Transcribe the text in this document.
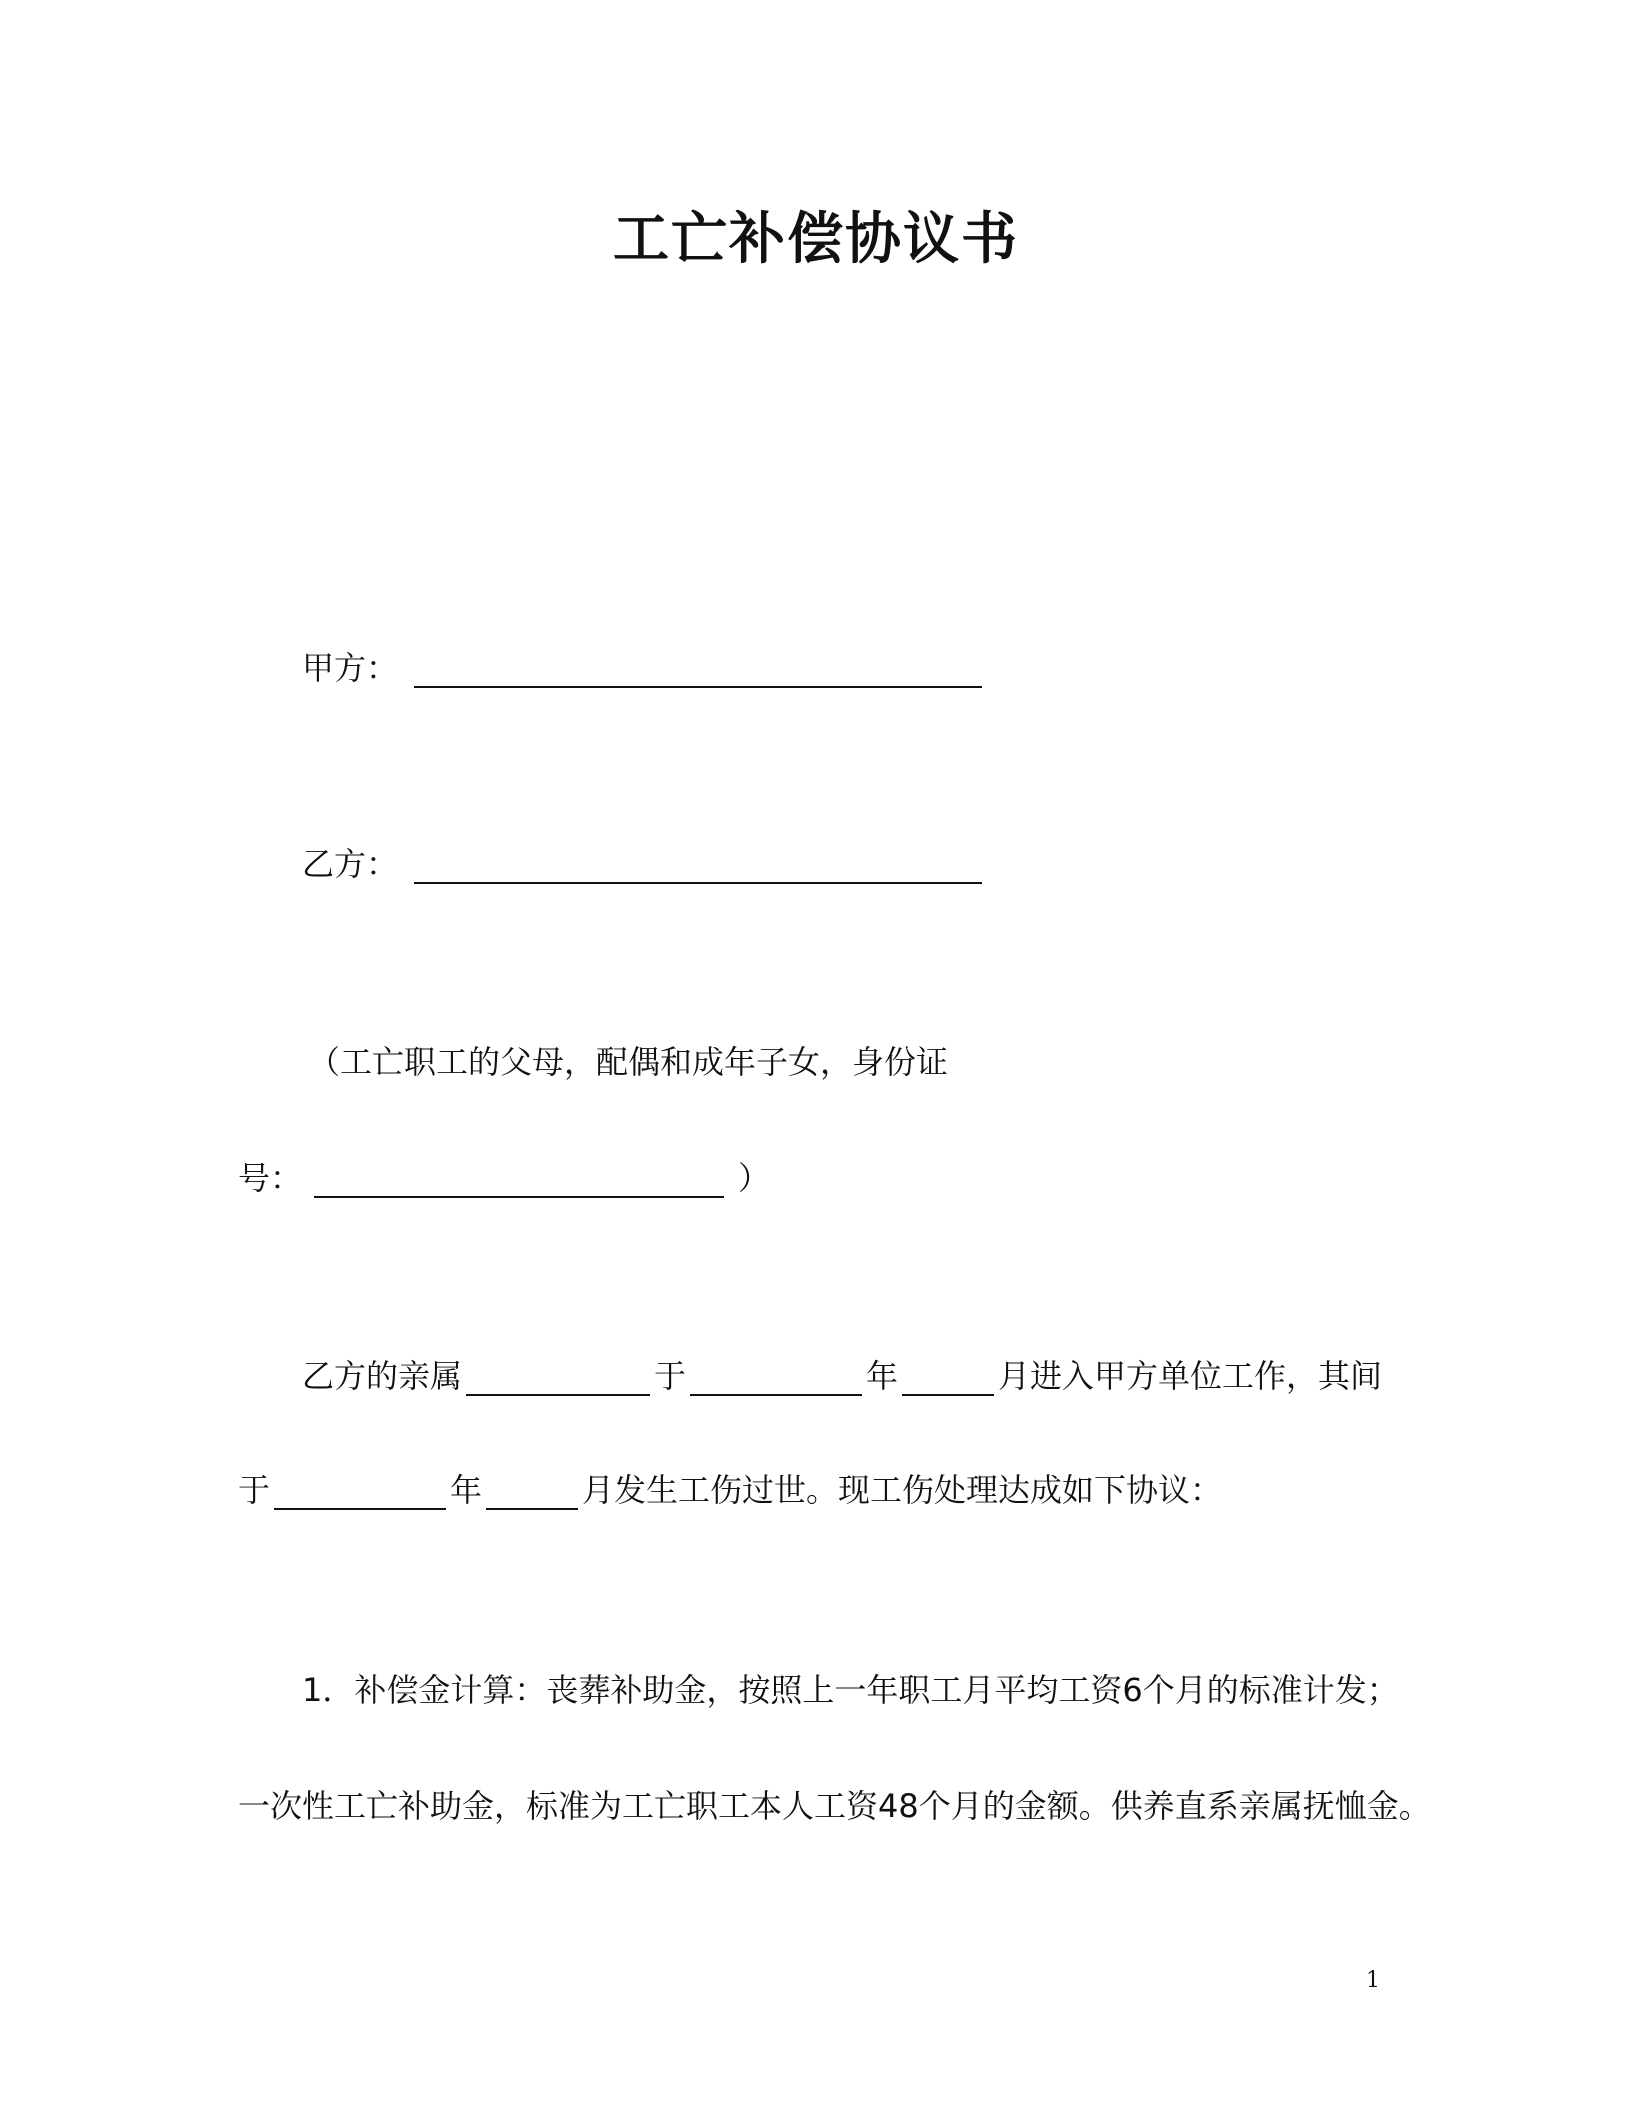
工亡补偿协议书
甲方：
乙方：
（工亡职工的父母，配偶和成年子女，身份证
号：	）
乙方的亲属	于	年	月进入甲方单位工作，其间
于	年	月发生工伤过世。现工伤处理达成如下协议：
1．补偿金计算：丧葬补助金，按照上一年职工月平均工资6个月的标准计发；
一次性工亡补助金，标准为工亡职工本人工资48个月的金额。供养直系亲属抚恤金。
1
